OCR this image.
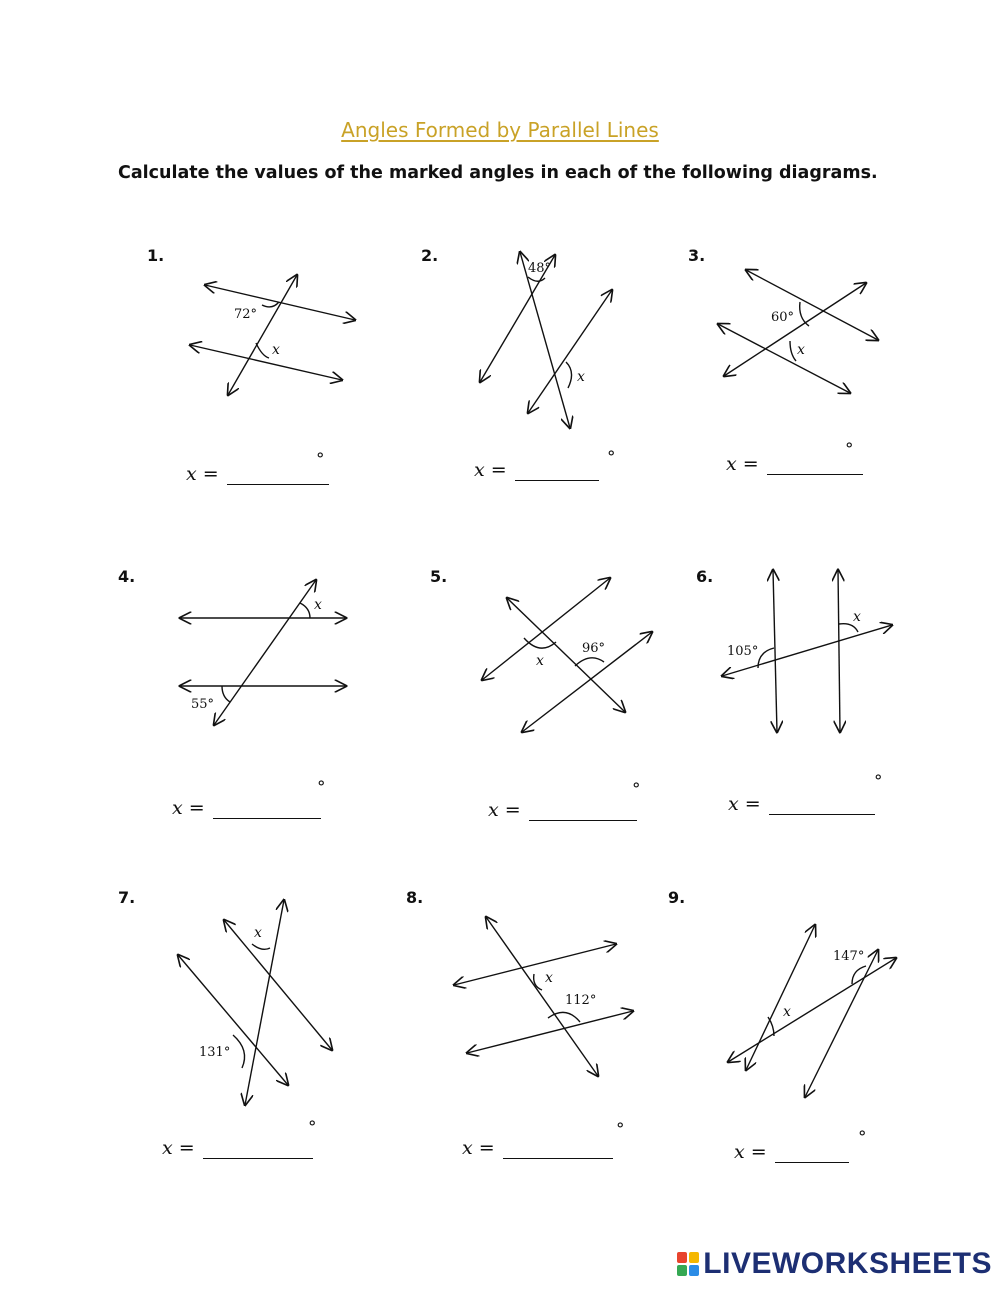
Angles Formed by Parallel Lines
Calculate the values of the marked angles in each of the following diagrams.
1.	2.	3.
4.	5.	6.
7.	8.	9.
72°
x
48°
x
60°
x
55°
x
96°
x
105°
x
131°
x
112°
x
147°
x
x =
°	x =
°	x =
°
x =
°
x =
°
x =
°
x =
°
x =
°
x =
°
LIVEWORKSHEETS
